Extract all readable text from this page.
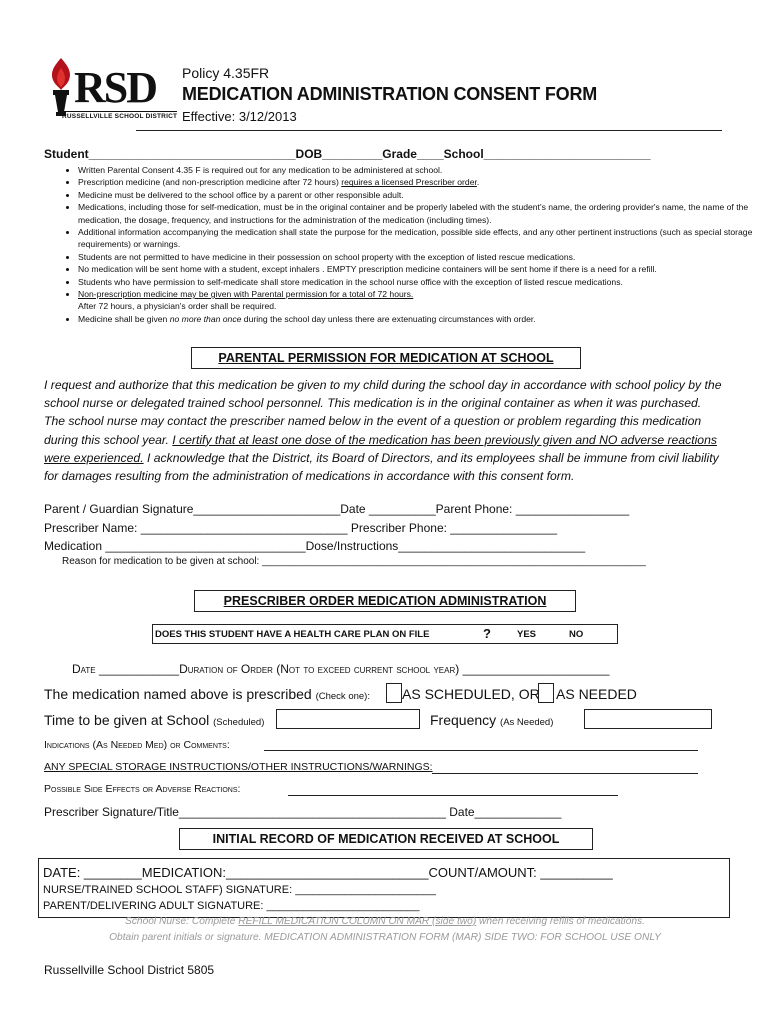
RSD
RUSSELLVILLE SCHOOL DISTRICT
Policy 4.35FR
MEDICATION ADMINISTRATION CONSENT FORM
Effective: 3/12/2013
Student_______________________________DOB_________Grade____School_________________________
• Written Parental Consent 4.35 F is required out for any medication to be administered at school.
• Prescription medicine (and non-prescription medicine after 72 hours) requires a licensed Prescriber order.
• Medicine must be delivered to the school office by a parent or other responsible adult.
• Medications, including those for self-medication, must be in the original container and be properly labeled with the student's name, the ordering provider's name, the name of the medication, the dosage, frequency, and instructions for the administration of the medication (including times).
• Additional information accompanying the medication shall state the purpose for the medication, possible side effects, and any other pertinent instructions (such as special storage requirements) or warnings.
• Students are not permitted to have medicine in their possession on school property with the exception of listed rescue medications.
• No medication will be sent home with a student, except inhalers . EMPTY prescription medicine containers will be sent home if there is a need for a refill.
• Students who have permission to self-medicate shall store medication in the school nurse office with the exception of listed rescue medications.
• Non-prescription medicine may be given with Parental permission for a total of 72 hours.
After 72 hours, a physician's order shall be required.
• Medicine shall be given no more than once during the school day unless there are extenuating circumstances with order.
PARENTAL PERMISSION FOR MEDICATION AT SCHOOL
I request and authorize that this medication be given to my child during the school day in accordance with school policy by the school nurse or delegated trained school personnel. This medication is in the original container as when it was purchased. The school nurse may contact the prescriber named below in the event of a question or problem regarding this medication during this school year. I certify that at least one dose of the medication has been previously given and NO adverse reactions were experienced. I acknowledge that the District, its Board of Directors, and its employees shall be immune from civil liability for damages resulting from the administration of medications in accordance with this consent form.
Parent / Guardian Signature______________________Date __________Parent Phone: _________________
Prescriber Name: _______________________________ Prescriber Phone: ________________
Medication ______________________________Dose/Instructions____________________________
Reason for medication to be given at school: _____________________________________________________________________
PRESCRIBER ORDER MEDICATION ADMINISTRATION
DOES THIS STUDENT HAVE A HEALTH CARE PLAN ON FILE	?	YES	NO
Date ____________Duration of Order (Not to exceed current school year) ______________________
The medication named above is prescribed (Check one): AS SCHEDULED, OR AS NEEDED
Time to be given at School (Scheduled)	Frequency (As Needed)
Indications (As Needed Med) or Comments:
ANY SPECIAL STORAGE INSTRUCTIONS/OTHER INSTRUCTIONS/WARNINGS:
Possible Side Effects or Adverse Reactions:
Prescriber Signature/Title________________________________________ Date_____________
INITIAL RECORD OF MEDICATION RECEIVED AT SCHOOL
DATE: ________MEDICATION:____________________________COUNT/AMOUNT: __________
NURSE/TRAINED SCHOOL STAFF) SIGNATURE: _______________________
PARENT/DELIVERING ADULT SIGNATURE: _________________________
School Nurse: Complete REFILL MEDICATION COLUMN ON MAR (side two) when receiving refills of medications.
Obtain parent initials or signature. MEDICATION ADMINISTRATION FORM (MAR) SIDE TWO: FOR SCHOOL USE ONLY
Russellville School District 5805
